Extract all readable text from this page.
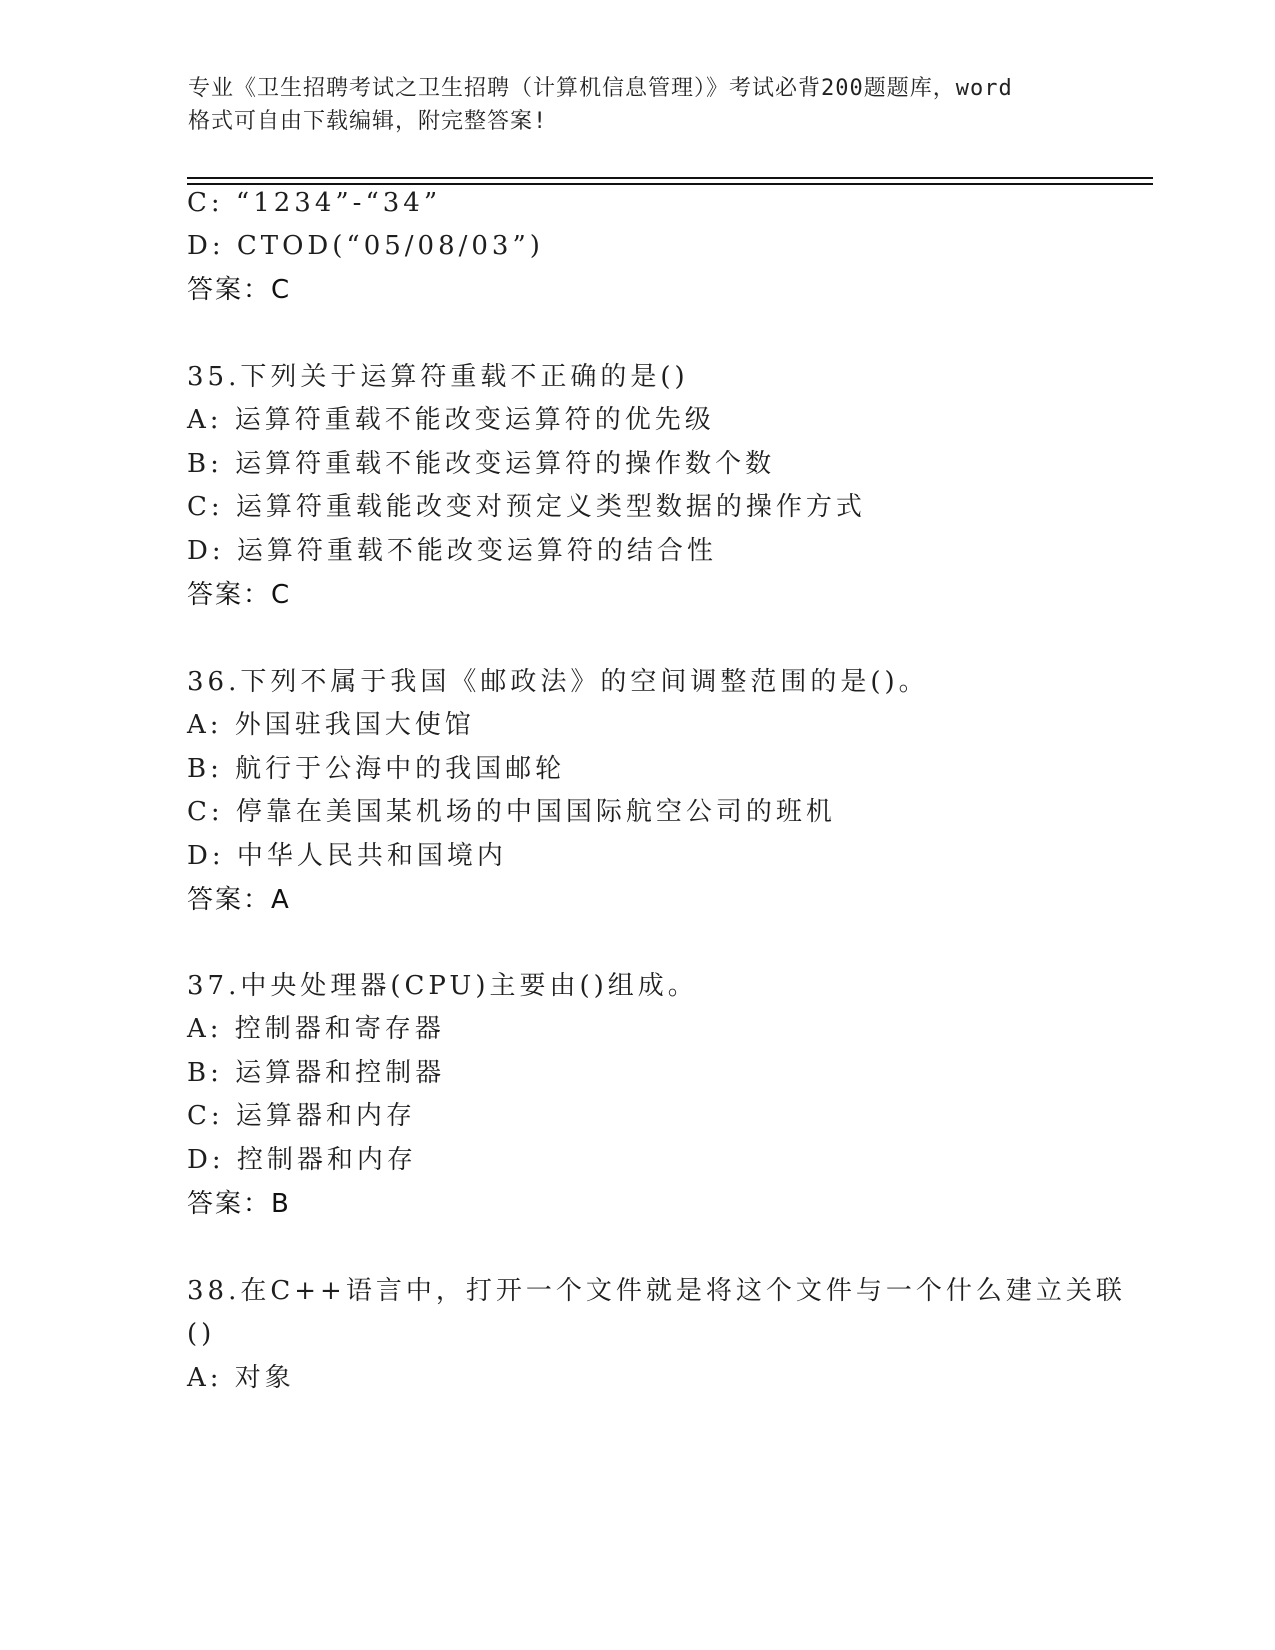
专业《卫生招聘考试之卫生招聘（计算机信息管理）》考试必背200题题库，word
格式可自由下载编辑，附完整答案!
C: “1234”-“34”
D: CTOD(“05/08/03”)
答案：C
35.下列关于运算符重载不正确的是()
A: 运算符重载不能改变运算符的优先级
B: 运算符重载不能改变运算符的操作数个数
C: 运算符重载能改变对预定义类型数据的操作方式
D: 运算符重载不能改变运算符的结合性
答案：C
36.下列不属于我国《邮政法》的空间调整范围的是()。
A: 外国驻我国大使馆
B: 航行于公海中的我国邮轮
C: 停靠在美国某机场的中国国际航空公司的班机
D: 中华人民共和国境内
答案：A
37.中央处理器(CPU)主要由()组成。
A: 控制器和寄存器
B: 运算器和控制器
C: 运算器和内存
D: 控制器和内存
答案：B
38.在C++语言中，打开一个文件就是将这个文件与一个什么建立关联
()
A: 对象
